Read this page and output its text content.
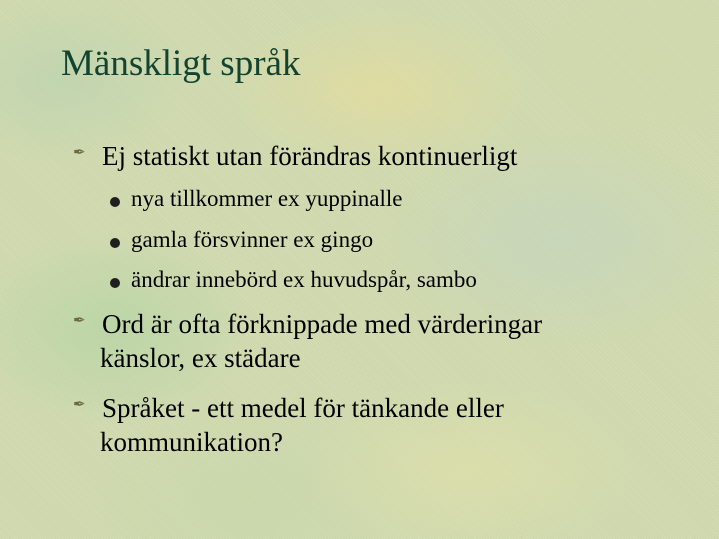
Mänskligt språk
✒ Ej statiskt utan förändras kontinuerligt
nya tillkommer ex yuppinalle
gamla försvinner ex gingo
ändrar innebörd ex huvudspår, sambo
✒ Ord är ofta förknippade med värderingar
känslor, ex städare
✒ Språket - ett medel för tänkande eller
kommunikation?
